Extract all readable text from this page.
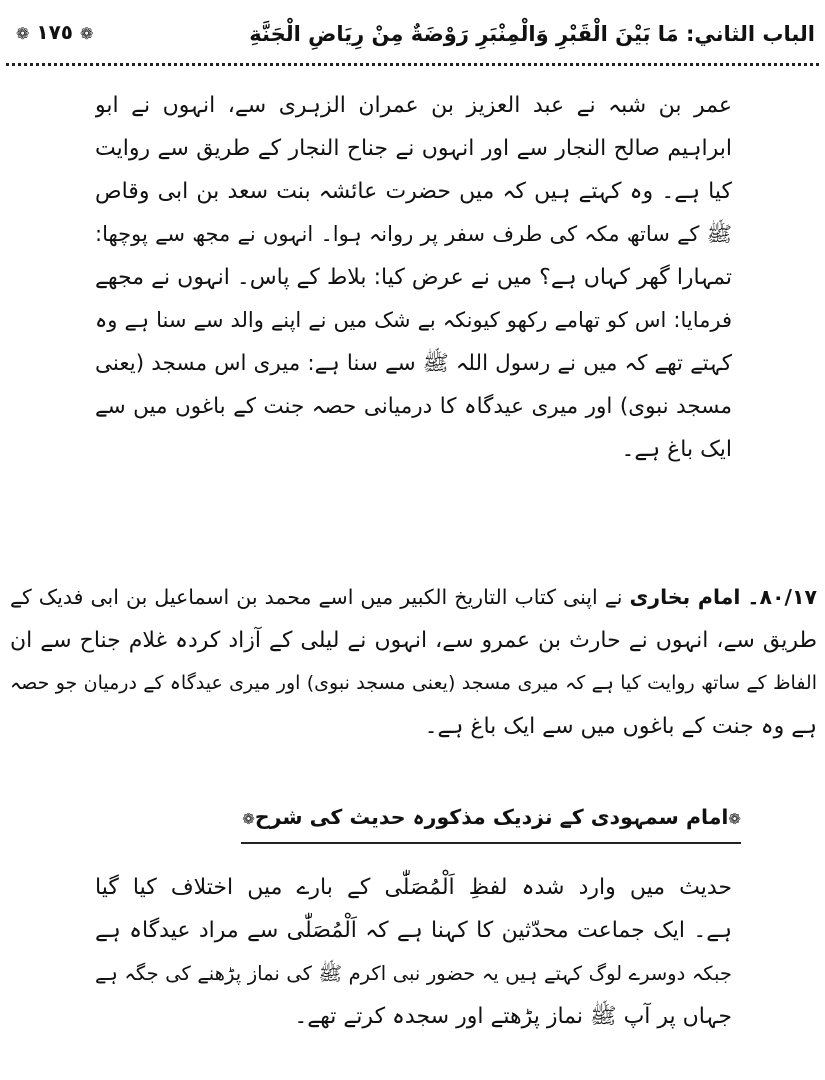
الباب الثاني: مَا بَيْنَ الْقَبْرِ وَالْمِنْبَرِ رَوْضَةٌ مِنْ رِيَاضِ الْجَنَّةِ
❁ ١٧٥ ❁
عمر بن شبہ نے عبد العزیز بن عمران الزہری سے، انہوں نے ابو
ابراہیم صالح النجار سے اور انہوں نے جناح النجار کے طریق سے روایت
کیا ہے۔ وہ کہتے ہیں کہ میں حضرت عائشہ بنت سعد بن ابی وقاص
ﷺ کے ساتھ مکہ کی طرف سفر پر روانہ ہوا۔ انہوں نے مجھ سے پوچھا:
تمہارا گھر کہاں ہے؟ میں نے عرض کیا: بلاط کے پاس۔ انہوں نے مجھے
فرمایا: اس کو تھامے رکھو کیونکہ بے شک میں نے اپنے والد سے سنا ہے وہ
کہتے تھے کہ میں نے رسول اللہ ﷺ سے سنا ہے: میری اس مسجد (یعنی
مسجد نبوی) اور میری عیدگاہ کا درمیانی حصہ جنت کے باغوں میں سے
ایک باغ ہے۔
٨٠/١٧۔ امام بخاری نے اپنی کتاب التاریخ الکبیر میں اسے محمد بن اسماعیل بن ابی فدیک کے
طریق سے، انہوں نے حارث بن عمرو سے، انہوں نے لیلی کے آزاد کردہ غلام جناح سے ان
الفاظ کے ساتھ روایت کیا ہے کہ میری مسجد (یعنی مسجد نبوی) اور میری عیدگاہ کے درمیان جو حصہ
ہے وہ جنت کے باغوں میں سے ایک باغ ہے۔
❁امام سمہودی کے نزدیک مذکورہ حدیث کی شرح❁
حدیث میں وارد شدہ لفظِ اَلْمُصَلّٰی کے بارے میں اختلاف کیا گیا
ہے۔ ایک جماعت محدّثین کا کہنا ہے کہ اَلْمُصَلّٰی سے مراد عیدگاہ ہے
جبکہ دوسرے لوگ کہتے ہیں یہ حضور نبی اکرم ﷺ کی نماز پڑھنے کی جگہ ہے
جہاں پر آپ ﷺ نماز پڑھتے اور سجدہ کرتے تھے۔
